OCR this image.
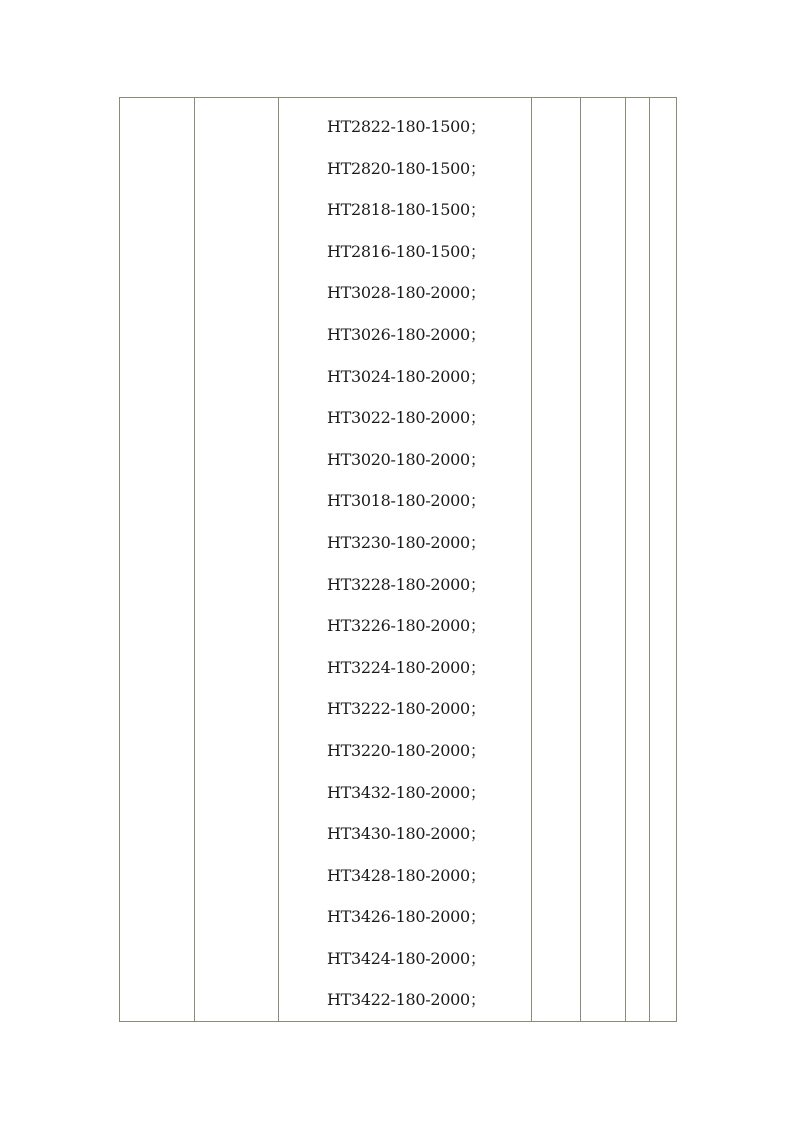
HT2822-180-1500；
HT2820-180-1500；
HT2818-180-1500；
HT2816-180-1500；
HT3028-180-2000；
HT3026-180-2000；
HT3024-180-2000；
HT3022-180-2000；
HT3020-180-2000；
HT3018-180-2000；
HT3230-180-2000；
HT3228-180-2000；
HT3226-180-2000；
HT3224-180-2000；
HT3222-180-2000；
HT3220-180-2000；
HT3432-180-2000；
HT3430-180-2000；
HT3428-180-2000；
HT3426-180-2000；
HT3424-180-2000；
HT3422-180-2000；
